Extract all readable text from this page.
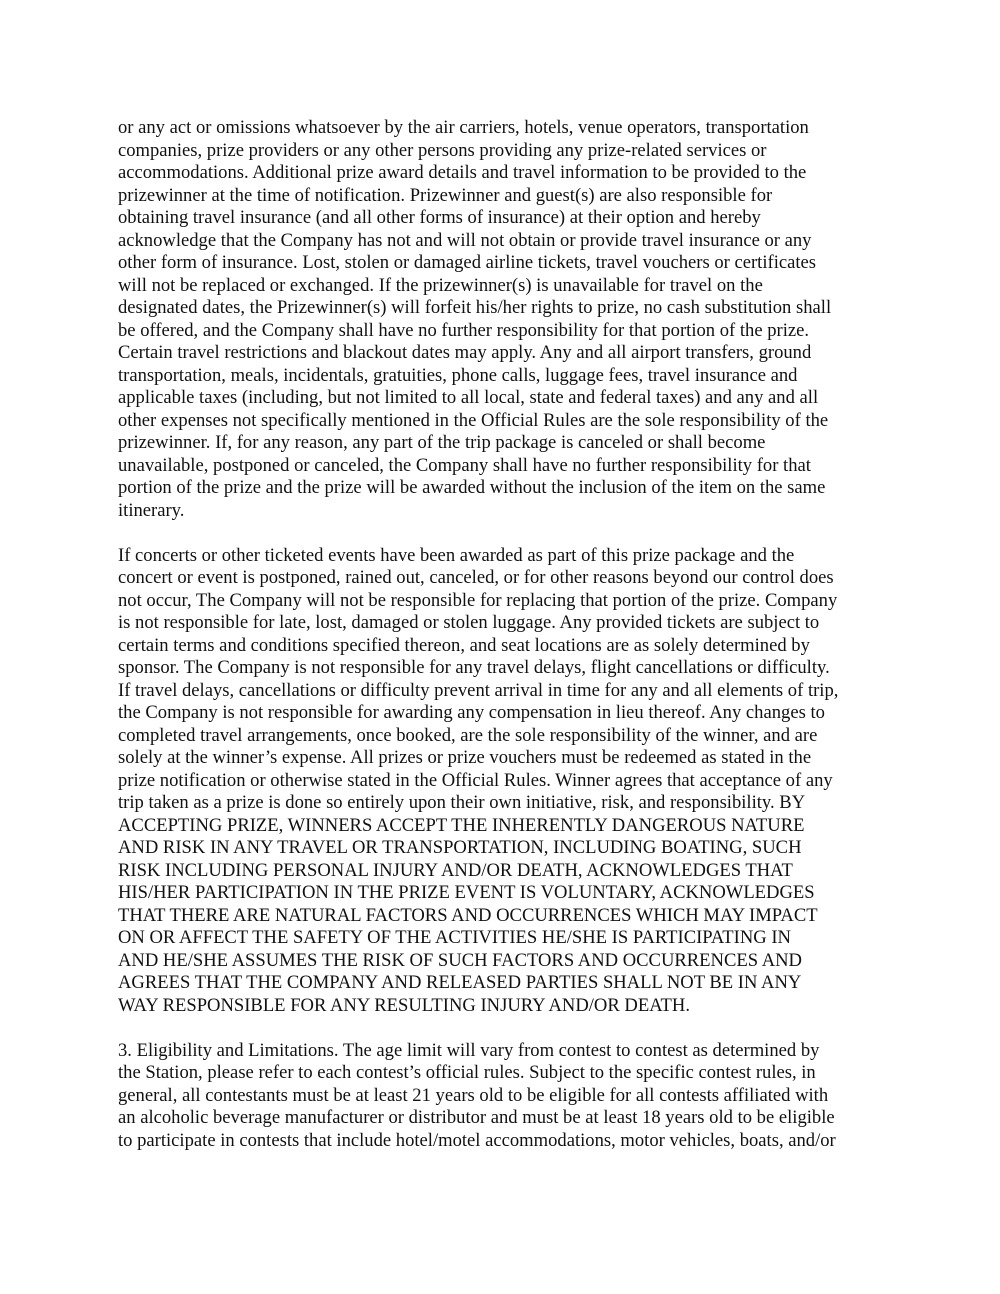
or any act or omissions whatsoever by the air carriers, hotels, venue operators, transportation
companies, prize providers or any other persons providing any prize-related services or
accommodations. Additional prize award details and travel information to be provided to the
prizewinner at the time of notification. Prizewinner and guest(s) are also responsible for
obtaining travel insurance (and all other forms of insurance) at their option and hereby
acknowledge that the Company has not and will not obtain or provide travel insurance or any
other form of insurance. Lost, stolen or damaged airline tickets, travel vouchers or certificates
will not be replaced or exchanged. If the prizewinner(s) is unavailable for travel on the
designated dates, the Prizewinner(s) will forfeit his/her rights to prize, no cash substitution shall
be offered, and the Company shall have no further responsibility for that portion of the prize.
Certain travel restrictions and blackout dates may apply. Any and all airport transfers, ground
transportation, meals, incidentals, gratuities, phone calls, luggage fees, travel insurance and
applicable taxes (including, but not limited to all local, state and federal taxes) and any and all
other expenses not specifically mentioned in the Official Rules are the sole responsibility of the
prizewinner. If, for any reason, any part of the trip package is canceled or shall become
unavailable, postponed or canceled, the Company shall have no further responsibility for that
portion of the prize and the prize will be awarded without the inclusion of the item on the same
itinerary.

If concerts or other ticketed events have been awarded as part of this prize package and the
concert or event is postponed, rained out, canceled, or for other reasons beyond our control does
not occur, The Company will not be responsible for replacing that portion of the prize. Company
is not responsible for late, lost, damaged or stolen luggage. Any provided tickets are subject to
certain terms and conditions specified thereon, and seat locations are as solely determined by
sponsor. The Company is not responsible for any travel delays, flight cancellations or difficulty.
If travel delays, cancellations or difficulty prevent arrival in time for any and all elements of trip,
the Company is not responsible for awarding any compensation in lieu thereof. Any changes to
completed travel arrangements, once booked, are the sole responsibility of the winner, and are
solely at the winner’s expense. All prizes or prize vouchers must be redeemed as stated in the
prize notification or otherwise stated in the Official Rules. Winner agrees that acceptance of any
trip taken as a prize is done so entirely upon their own initiative, risk, and responsibility. BY
ACCEPTING PRIZE, WINNERS ACCEPT THE INHERENTLY DANGEROUS NATURE
AND RISK IN ANY TRAVEL OR TRANSPORTATION, INCLUDING BOATING, SUCH
RISK INCLUDING PERSONAL INJURY AND/OR DEATH, ACKNOWLEDGES THAT
HIS/HER PARTICIPATION IN THE PRIZE EVENT IS VOLUNTARY, ACKNOWLEDGES
THAT THERE ARE NATURAL FACTORS AND OCCURRENCES WHICH MAY IMPACT
ON OR AFFECT THE SAFETY OF THE ACTIVITIES HE/SHE IS PARTICIPATING IN
AND HE/SHE ASSUMES THE RISK OF SUCH FACTORS AND OCCURRENCES AND
AGREES THAT THE COMPANY AND RELEASED PARTIES SHALL NOT BE IN ANY
WAY RESPONSIBLE FOR ANY RESULTING INJURY AND/OR DEATH.

3. Eligibility and Limitations. The age limit will vary from contest to contest as determined by
the Station, please refer to each contest’s official rules. Subject to the specific contest rules, in
general, all contestants must be at least 21 years old to be eligible for all contests affiliated with
an alcoholic beverage manufacturer or distributor and must be at least 18 years old to be eligible
to participate in contests that include hotel/motel accommodations, motor vehicles, boats, and/or
